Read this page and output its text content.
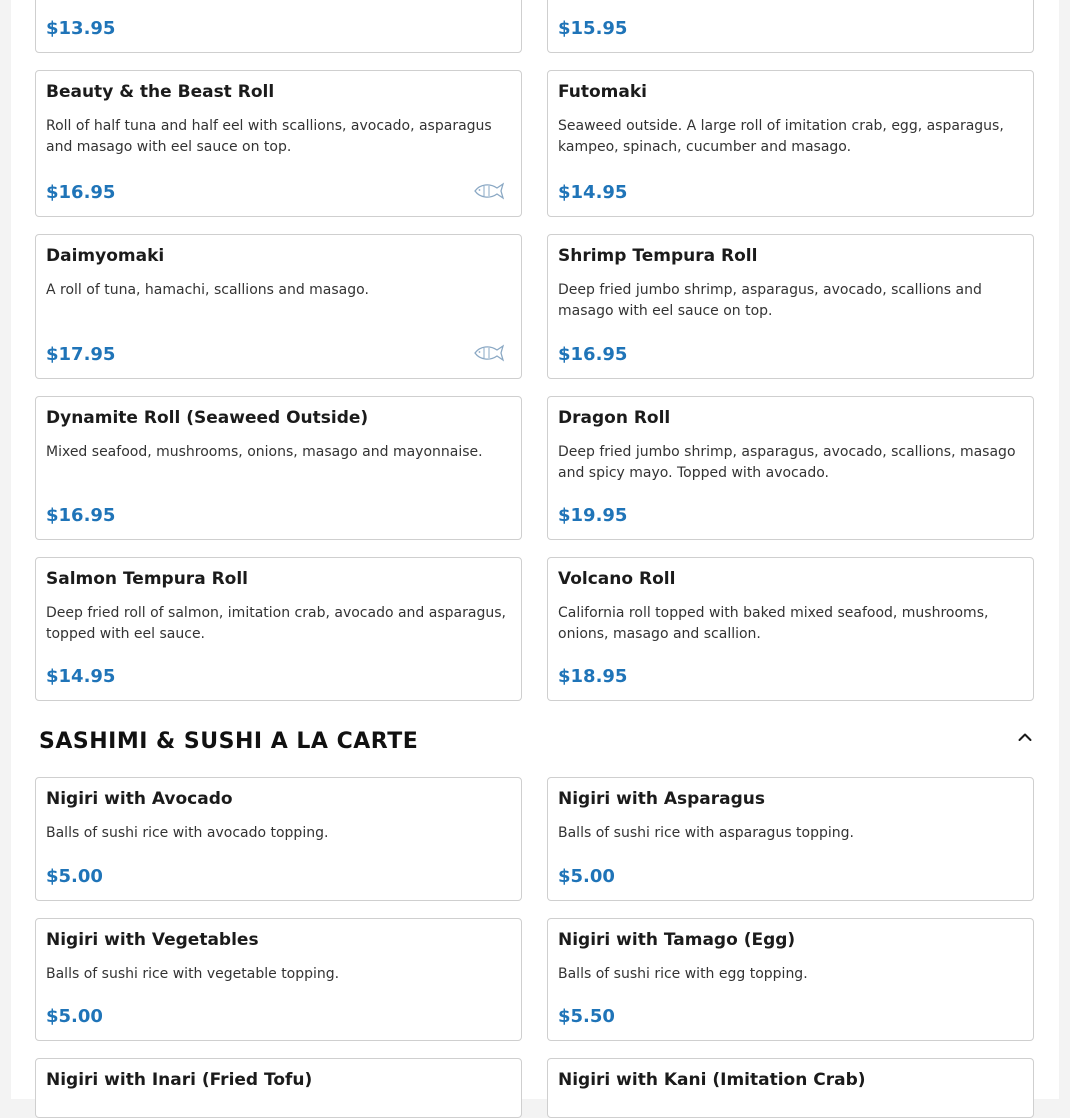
$13.95	$15.95
Beauty & the Beast Roll
Roll of half tuna and half eel with scallions, avocado, asparagus and masago with eel sauce on top.
$16.95
Futomaki
Seaweed outside. A large roll of imitation crab, egg, asparagus, kampeo, spinach, cucumber and masago.
$14.95
Daimyomaki
A roll of tuna, hamachi, scallions and masago.
$17.95
Shrimp Tempura Roll
Deep fried jumbo shrimp, asparagus, avocado, scallions and masago with eel sauce on top.
$16.95
Dynamite Roll (Seaweed Outside)
Mixed seafood, mushrooms, onions, masago and mayonnaise.
$16.95
Dragon Roll
Deep fried jumbo shrimp, asparagus, avocado, scallions, masago and spicy mayo. Topped with avocado.
$19.95
Salmon Tempura Roll
Deep fried roll of salmon, imitation crab, avocado and asparagus, topped with eel sauce.
$14.95
Volcano Roll
California roll topped with baked mixed seafood, mushrooms, onions, masago and scallion.
$18.95
SASHIMI & SUSHI A LA CARTE
Nigiri with Avocado
Balls of sushi rice with avocado topping.
$5.00
Nigiri with Asparagus
Balls of sushi rice with asparagus topping.
$5.00
Nigiri with Vegetables
Balls of sushi rice with vegetable topping.
$5.00
Nigiri with Tamago (Egg)
Balls of sushi rice with egg topping.
$5.50
Nigiri with Inari (Fried Tofu)	Nigiri with Kani (Imitation Crab)
